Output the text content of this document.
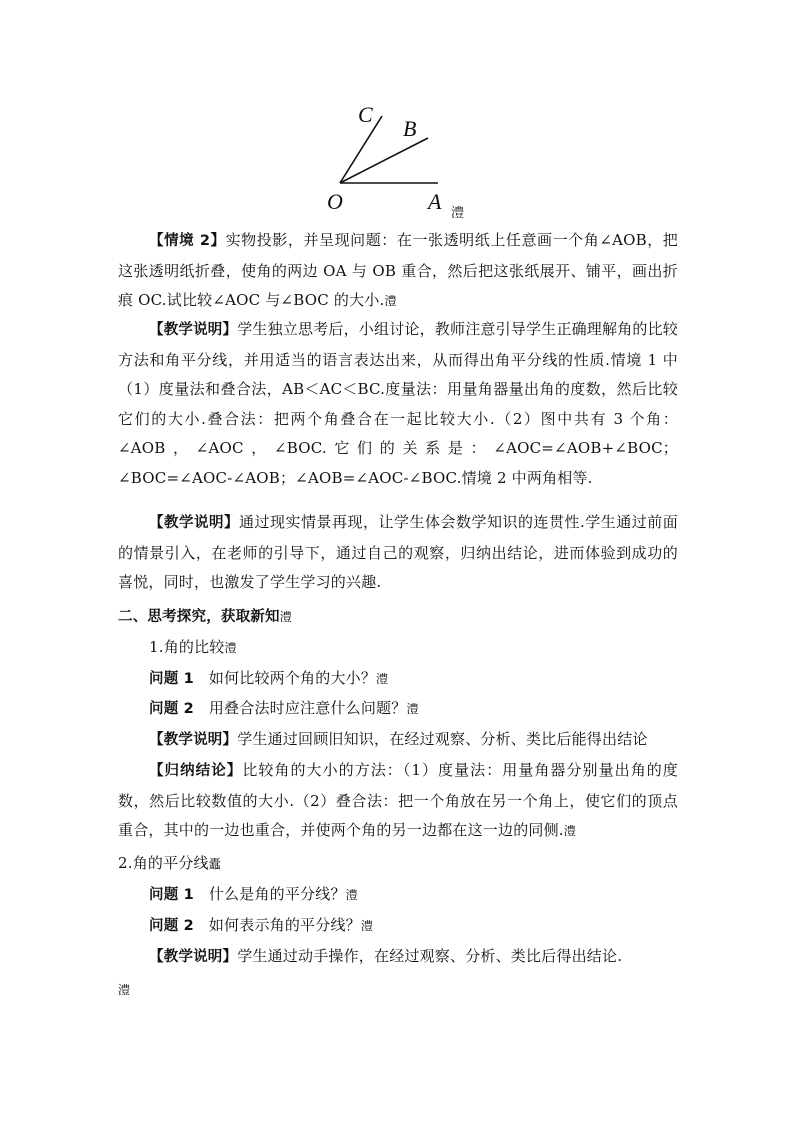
C
B
O	A 澧

【情境 2】实物投影，并呈现问题：在一张透明纸上任意画一个角∠AOB，把这张透明纸折叠，使角的两边 OA 与 OB 重合，然后把这张纸展开、铺平，画出折痕 OC.试比较∠AOC 与∠BOC 的大小.澧

【教学说明】学生独立思考后，小组讨论，教师注意引导学生正确理解角的比较方法和角平分线，并用适当的语言表达出来，从而得出角平分线的性质.情境 1 中（1）度量法和叠合法，AB＜AC＜BC.度量法：用量角器量出角的度数，然后比较它们的大小.叠合法：把两个角叠合在一起比较大小.（2）图中共有 3 个角：∠AOB，∠AOC，∠BOC.它们的关系是：∠AOC=∠AOB+∠BOC；∠BOC=∠AOC-∠AOB；∠AOB=∠AOC-∠BOC.情境 2 中两角相等.

【教学说明】通过现实情景再现，让学生体会数学知识的连贯性.学生通过前面的情景引入，在老师的引导下，通过自己的观察，归纳出结论，进而体验到成功的喜悦，同时，也激发了学生学习的兴趣.

二、思考探究，获取新知澧

1.角的比较澧

问题 1 如何比较两个角的大小？澧

问题 2 用叠合法时应注意什么问题？澧

【教学说明】学生通过回顾旧知识，在经过观察、分析、类比后能得出结论

【归纳结论】比较角的大小的方法：（1）度量法：用量角器分别量出角的度数，然后比较数值的大小.（2）叠合法：把一个角放在另一个角上，使它们的顶点重合，其中的一边也重合，并使两个角的另一边都在这一边的同侧.澧

2.角的平分线蠹

问题 1 什么是角的平分线？澧

问题 2 如何表示角的平分线？澧

【教学说明】学生通过动手操作，在经过观察、分析、类比后得出结论.

澧
